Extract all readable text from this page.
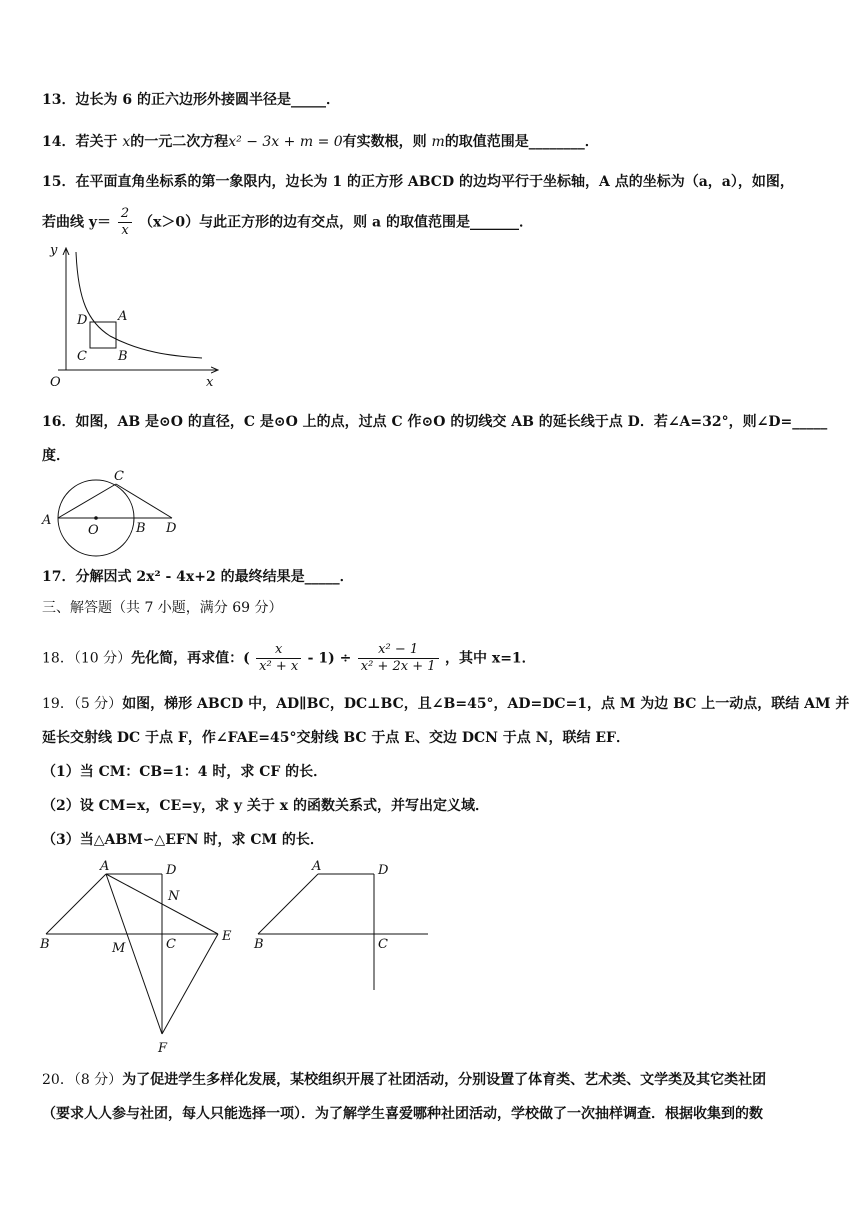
13．边长为 6 的正六边形外接圆半径是_____．
14．若关于 x的一元二次方程x² − 3x + m = 0有实数根，则 m的取值范围是________．
15．在平面直角坐标系的第一象限内，边长为 1 的正方形 ABCD 的边均平行于坐标轴，A 点的坐标为（a，a），如图，
若曲线 $y= \frac{2}{x} (x>0)$与此正方形的边有交点，则 a 的取值范围是_______．
y
x
O
A
B
C
D
16．如图，AB 是⊙O 的直径，C 是⊙O 上的点，过点 C 作⊙O 的切线交 AB 的延长线于点 D．若∠A=32°，则∠D=_____
度．
A
O	B D
C
17．分解因式 2x² - 4x+2 的最终结果是_____．
三、解答题（共 7 小题，满分 69 分）
18．（10 分）先化简，再求值：( $\frac{x}{\text{x² + x}} - 1) \div \frac{\text{x² − 1}}{\text{x² + 2x + 1}}$ ，其中 x=1．
19．（5 分）如图，梯形 ABCD 中，AD∥BC，DC⊥BC，且∠B=45°，AD=DC=1，点 M 为边 BC 上一动点，联结 AM 并
延长交射线 DC 于点 F，作∠FAE=45°交射线 BC 于点 E、交边 DCN 于点 N，联结 EF．
（1）当 CM：CB=1：4 时，求 CF 的长．
（2）设 CM=x，CE=y，求 y 关于 x 的函数关系式，并写出定义域．
（3）当△ABM∽△EFN 时，求 CM 的长．
A	D
N
B	M	C
E
F
A	D
B	C
20．（8 分）为了促进学生多样化发展，某校组织开展了社团活动，分别设置了体育类、艺术类、文学类及其它类社团
（要求人人参与社团，每人只能选择一项）．为了解学生喜爱哪种社团活动，学校做了一次抽样调查．根据收集到的数
